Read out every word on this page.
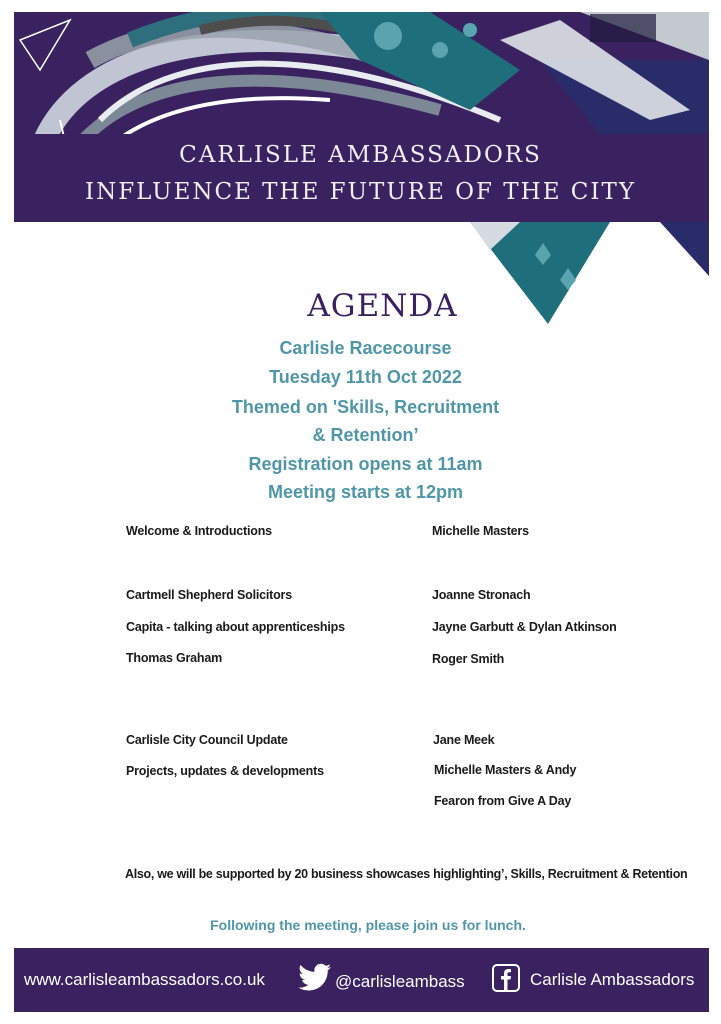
CARLISLE AMBASSADORS
INFLUENCE THE FUTURE OF THE CITY
AGENDA
Carlisle Racecourse
Tuesday 11th Oct 2022
Themed on 'Skills, Recruitment
& Retention’
Registration opens at 11am
Meeting starts at 12pm
Welcome & Introductions	Michelle Masters
Cartmell Shepherd Solicitors	Joanne Stronach
Capita - talking about apprenticeships	Jayne Garbutt & Dylan Atkinson
Thomas Graham	Roger Smith
Carlisle City Council Update	Jane Meek
Projects, updates & developments	Michelle Masters & Andy
Fearon from Give A Day
Also, we will be supported by 20 business showcases highlighting’, Skills, Recruitment & Retention
Following the meeting, please join us for lunch.
www.carlisleambassadors.co.uk	@carlisleambass	Carlisle Ambassadors
